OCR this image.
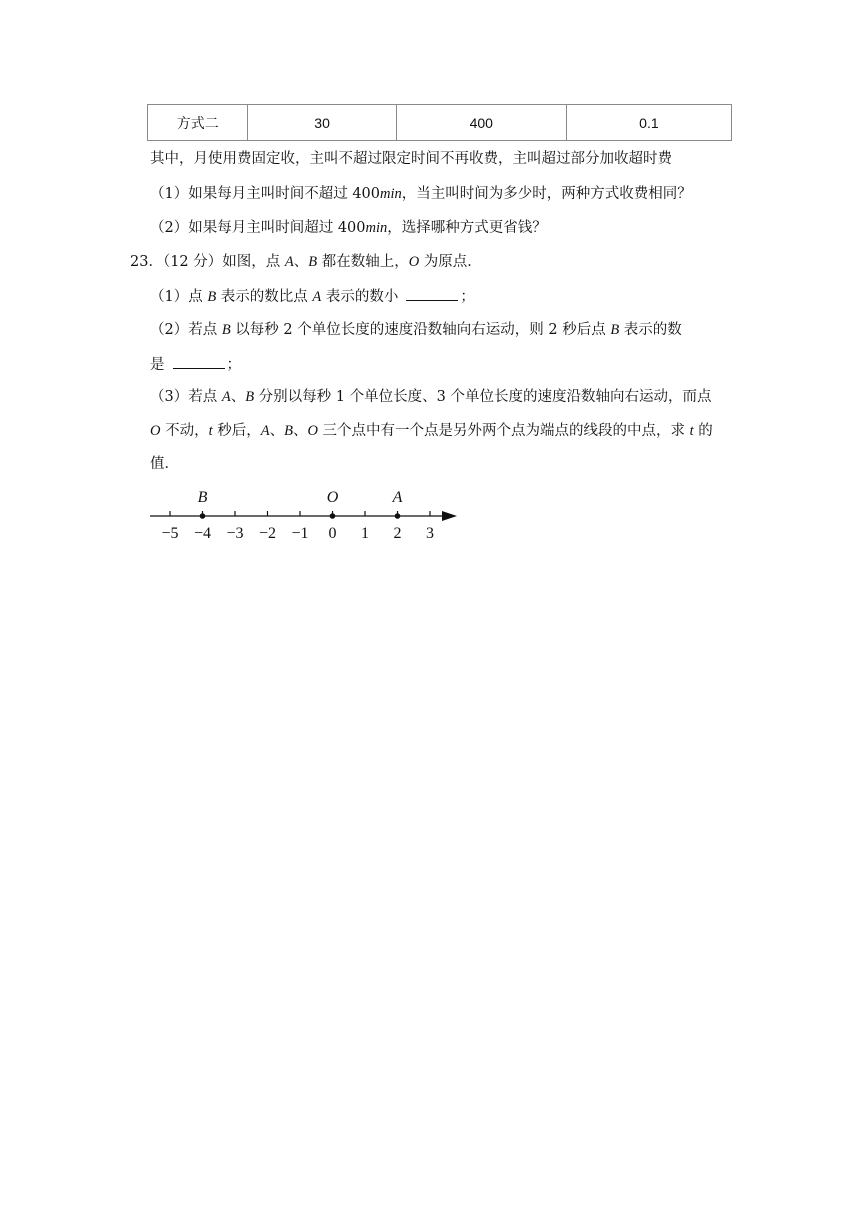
方式二	30	400	0.1
其中，月使用费固定收，主叫不超过限定时间不再收费，主叫超过部分加收超时费
（1）如果每月主叫时间不超过 400min，当主叫时间为多少时，两种方式收费相同？
（2）如果每月主叫时间超过 400min，选择哪种方式更省钱？
23．（12 分）如图，点 A、B 都在数轴上，O 为原点．
（1）点 B 表示的数比点 A 表示的数小	；
（2）若点 B 以每秒 2 个单位长度的速度沿数轴向右运动，则 2 秒后点 B 表示的数
是	；
（3）若点 A、B 分别以每秒 1 个单位长度、3 个单位长度的速度沿数轴向右运动，而点
O 不动，t 秒后，A、B、O 三个点中有一个点是另外两个点为端点的线段的中点，求 t 的
值．
−5 −4 −3 −2 −1 0 1 2 3
B	O	A
